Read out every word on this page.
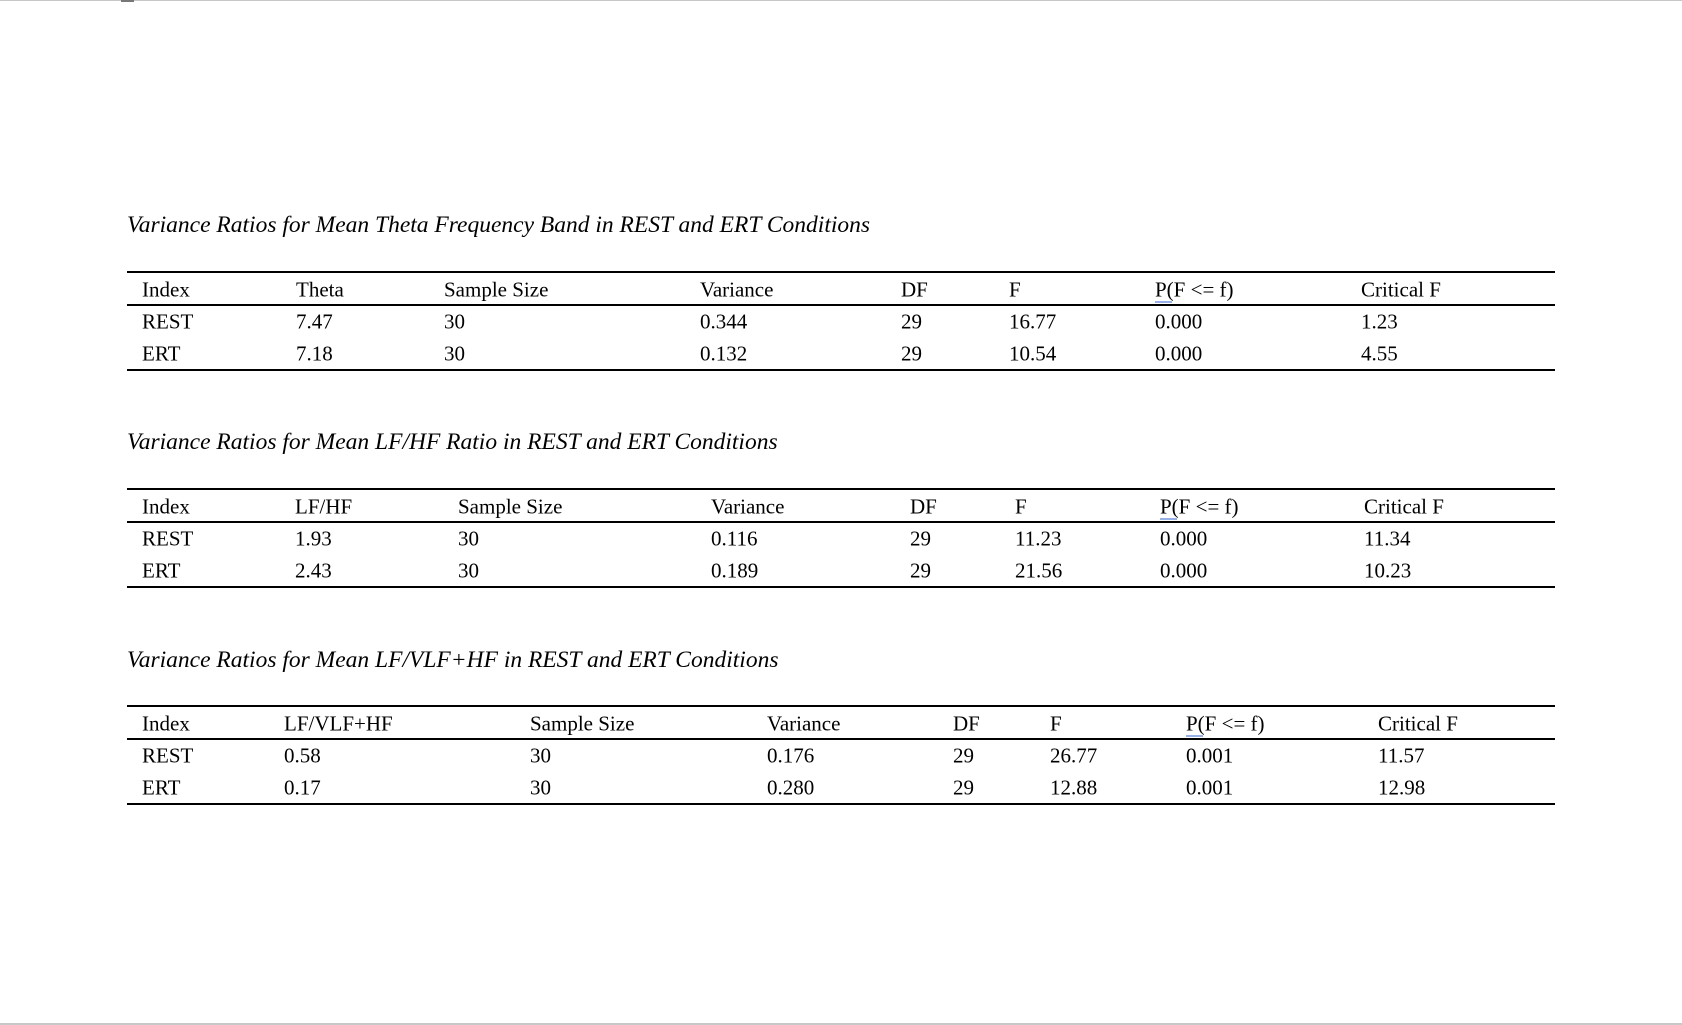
Variance Ratios for Mean Theta Frequency Band in REST and ERT Conditions
Index	Theta	Sample Size	Variance	DF	F	P(F <= f)	Critical F
REST	7.47	30	0.344	29	16.77	0.000	1.23
ERT	7.18	30	0.132	29	10.54	0.000	4.55
Variance Ratios for Mean LF/HF Ratio in REST and ERT Conditions
Index	LF/HF	Sample Size	Variance	DF	F	P(F <= f)	Critical F
REST	1.93	30	0.116	29	11.23	0.000	11.34
ERT	2.43	30	0.189	29	21.56	0.000	10.23
Variance Ratios for Mean LF/VLF+HF in REST and ERT Conditions
Index	LF/VLF+HF	Sample Size	Variance	DF	F	P(F <= f)	Critical F
REST	0.58	30	0.176	29	26.77	0.001	11.57
ERT	0.17	30	0.280	29	12.88	0.001	12.98
